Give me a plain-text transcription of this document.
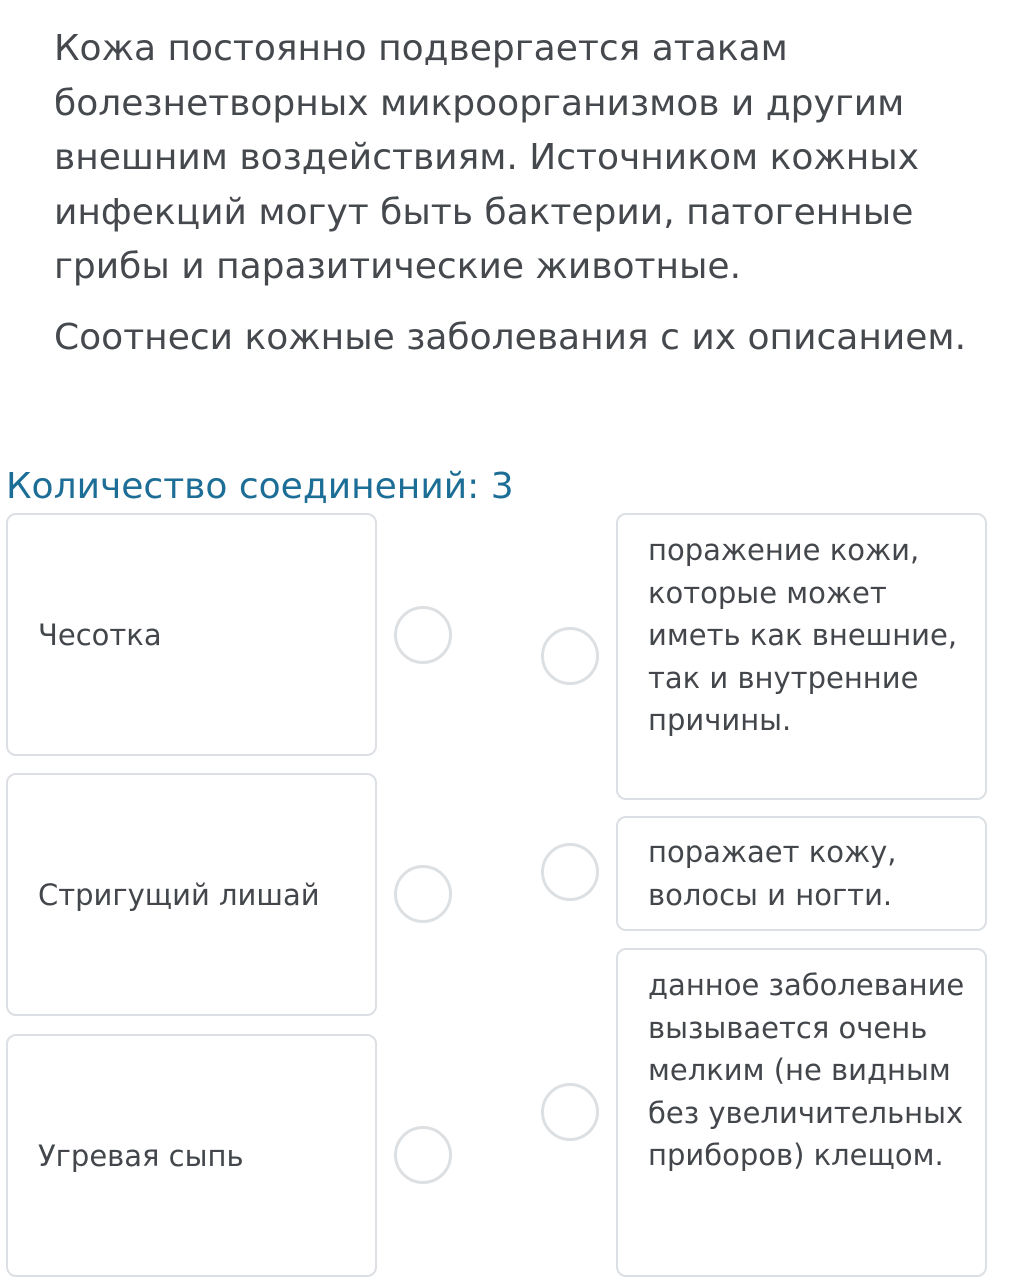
Кожа постоянно подвергается атакам болезнетворных микроорганизмов и другим внешним воздействиям. Источником кожных инфекций могут быть бактерии, патогенные грибы и паразитические животные.

Соотнеси кожные заболевания с их описанием.

Количество соединений: 3
Чесотка
Стригущий лишай
Угревая сыпь
поражение кожи, которые может иметь как внешние, так и внутренние причины.
поражает кожу, волосы и ногти.
данное заболевание вызывается очень мелким (не видным без увеличительных приборов) клещом.
